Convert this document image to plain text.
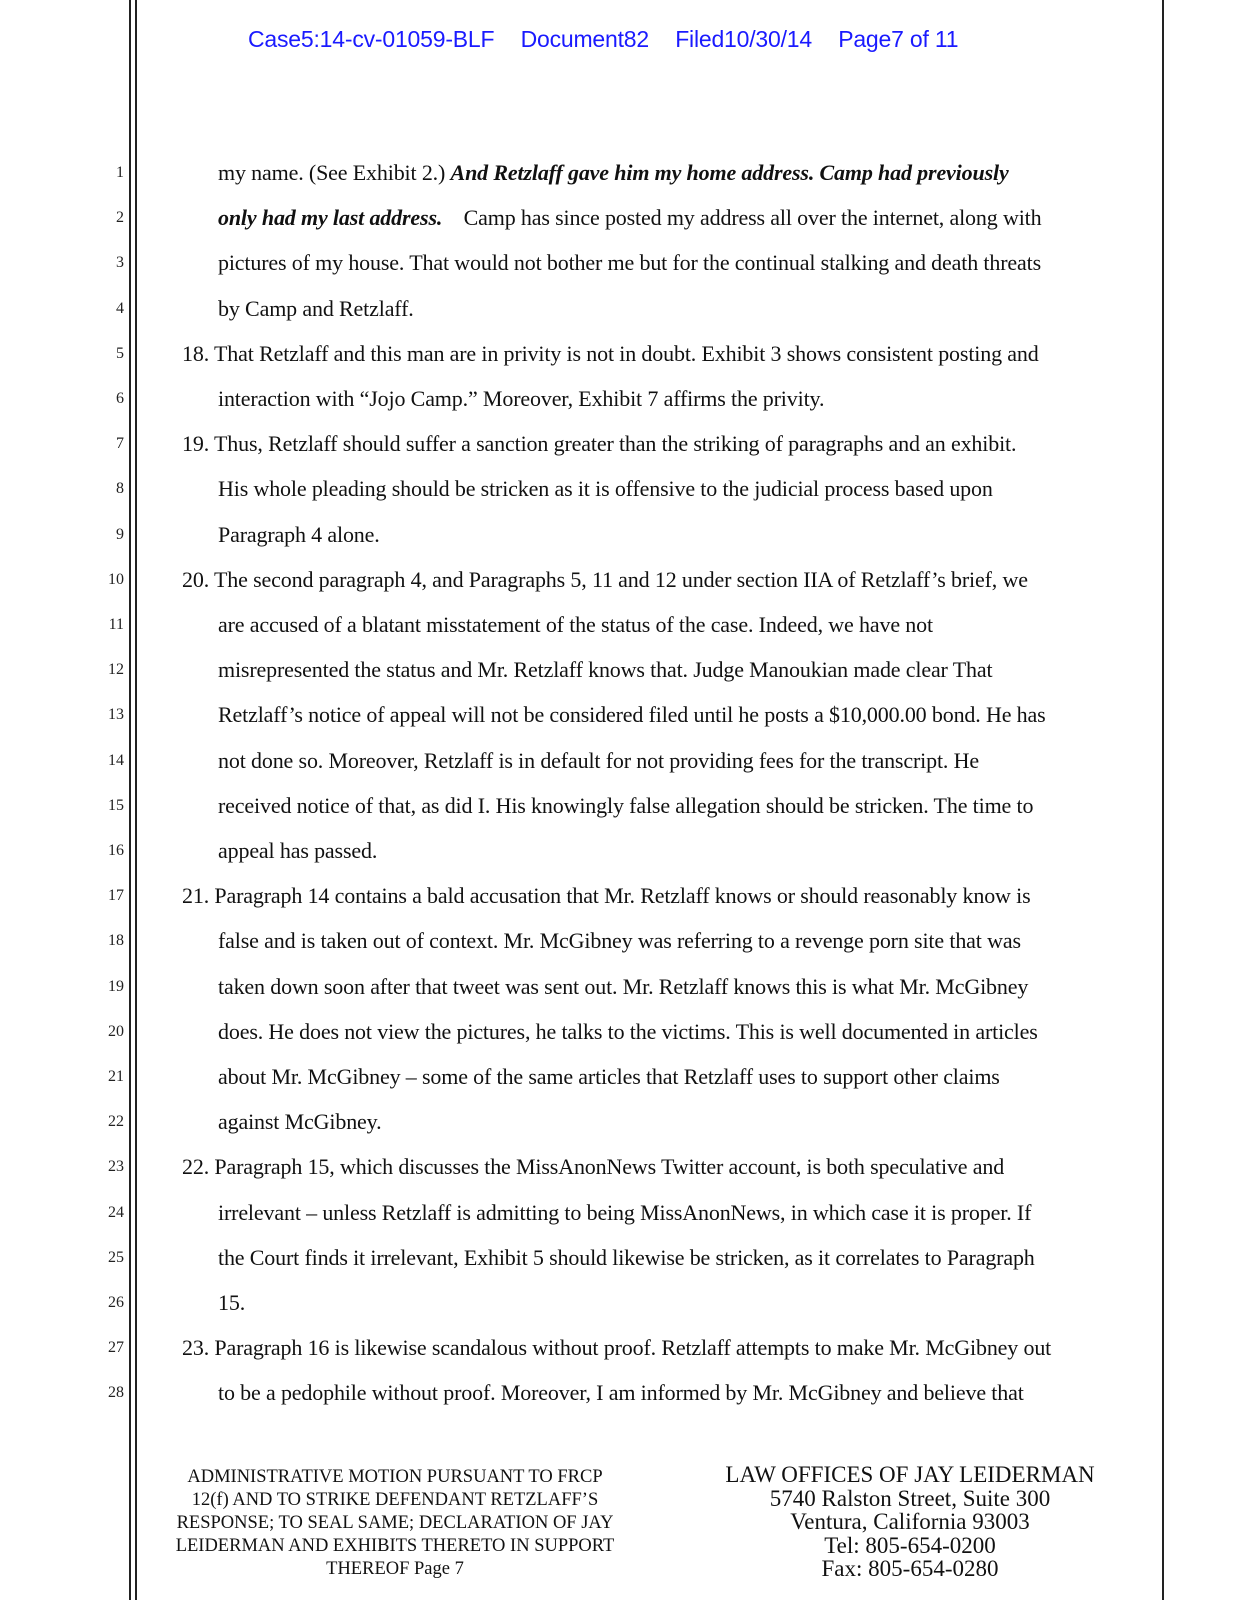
Case5:14-cv-01059-BLF Document82 Filed10/30/14 Page7 of 11
1
2
3
4
5
6
7
8
9
10
11
12
13
14
15
16
17
18
19
20
21
22
23
24
25
26
27
28
my name. (See Exhibit 2.) And Retzlaff gave him my home address. Camp had previously
only had my last address.    Camp has since posted my address all over the internet, along with
pictures of my house. That would not bother me but for the continual stalking and death threats
by Camp and Retzlaff.
18. That Retzlaff and this man are in privity is not in doubt. Exhibit 3 shows consistent posting and
interaction with “Jojo Camp.” Moreover, Exhibit 7 affirms the privity.
19. Thus, Retzlaff should suffer a sanction greater than the striking of paragraphs and an exhibit.
His whole pleading should be stricken as it is offensive to the judicial process based upon
Paragraph 4 alone.
20. The second paragraph 4, and Paragraphs 5, 11 and 12 under section IIA of Retzlaff’s brief, we
are accused of a blatant misstatement of the status of the case. Indeed, we have not
misrepresented the status and Mr. Retzlaff knows that. Judge Manoukian made clear That
Retzlaff’s notice of appeal will not be considered filed until he posts a $10,000.00 bond. He has
not done so. Moreover, Retzlaff is in default for not providing fees for the transcript. He
received notice of that, as did I. His knowingly false allegation should be stricken. The time to
appeal has passed.
21. Paragraph 14 contains a bald accusation that Mr. Retzlaff knows or should reasonably know is
false and is taken out of context. Mr. McGibney was referring to a revenge porn site that was
taken down soon after that tweet was sent out. Mr. Retzlaff knows this is what Mr. McGibney
does. He does not view the pictures, he talks to the victims. This is well documented in articles
about Mr. McGibney – some of the same articles that Retzlaff uses to support other claims
against McGibney.
22. Paragraph 15, which discusses the MissAnonNews Twitter account, is both speculative and
irrelevant – unless Retzlaff is admitting to being MissAnonNews, in which case it is proper. If
the Court finds it irrelevant, Exhibit 5 should likewise be stricken, as it correlates to Paragraph
15.
23. Paragraph 16 is likewise scandalous without proof. Retzlaff attempts to make Mr. McGibney out
to be a pedophile without proof. Moreover, I am informed by Mr. McGibney and believe that
ADMINISTRATIVE MOTION PURSUANT TO FRCP
12(f) AND TO STRIKE DEFENDANT RETZLAFF’S
RESPONSE; TO SEAL SAME; DECLARATION OF JAY
LEIDERMAN AND EXHIBITS THERETO IN SUPPORT
THEREOF Page 7
LAW OFFICES OF JAY LEIDERMAN
5740 Ralston Street, Suite 300
Ventura, California 93003
Tel: 805-654-0200
Fax: 805-654-0280
